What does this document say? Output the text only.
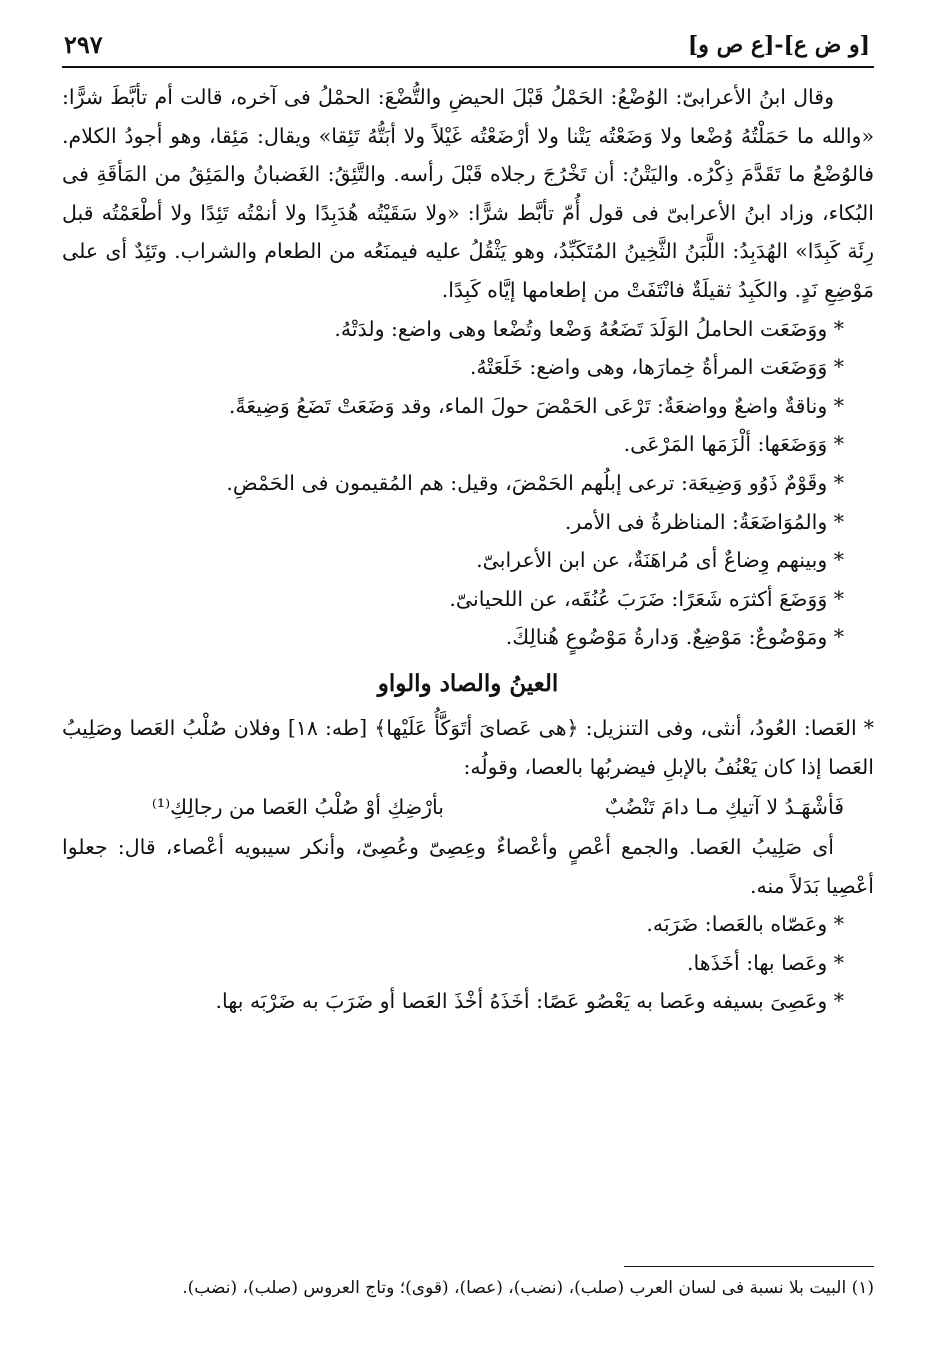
٢٩٧	[و ض ع]-[ع ص و]

وقال ابنُ الأعرابىّ: الوُضْعُ: الحَمْلُ قَبْلَ الحيضِ والتُّضْعَ: الحمْلُ فى آخره، قالت أم تأبَّطَ شرًّا: «والله ما حَمَلْتُهُ وُضْعا ولا وَضَعْتُه يَتْنا ولا أرْضَعْتُه غَيْلاً ولا أبَتُّهُ تَئِقا» ويقال: مَئِقا، وهو أجودُ الكلام. فالوُضْعُ ما تَقَدَّمَ ذِكْرُه. واليَتْنُ: أن تَخْرُجَ رجلاه قَبْلَ رأسه. والتَّئِقُ: الغَضبانُ والمَئِقُ من المَأقَةِ فى البُكاء، وزاد ابنُ الأعرابىّ فى قول أُمّ تأبَّط شرًّا: «ولا سَقَيْتُه هُدَبِدًا ولا أنمْتُه تَئِدًا ولا أطْعَمْتُه قبل رِئَة كَبِدًا» الهُدَبِدُ: اللَّبَنُ الثَّخِينُ المُتَكَبِّدُ، وهو يَثْقُلُ عليه فيمنَعُه من الطعام والشراب. وتَئِدٌ أى على مَوْضِعِ نَدٍ. والكَبِدُ ثقيلَةٌ فانْتَفَتْ من إطعامها إيَّاه كَبِدًا.

* ووَضَعَت الحاملُ الوَلَدَ تَضَعُهُ وَضْعا وتُضْعا وهى واضع: ولدَتْهُ.

* وَوَضَعَت المرأةُ خِمارَها، وهى واضع: خَلَعَتْهُ.

* وناقةٌ واضعٌ وواضعَةٌ: تَرْعَى الحَمْضَ حولَ الماء، وقد وَضَعَتْ تَضَعُ وَضِيعَةً.

* وَوَضَعَها: ألْزَمَها المَرْعَى.

* وقَوْمٌ ذَوُو وَضِيعَة: ترعى إبلُهم الحَمْضَ، وقيل: هم المُقيمون فى الحَمْضِ.

* والمُوَاضَعَةُ: المناظرةُ فى الأمر.

* وبينهم وِضاعٌ أى مُراهَنَةٌ، عن ابن الأعرابىّ.

* وَوَضَعَ أكثرَه شَعَرًا: ضَرَبَ عُنُقَه، عن اللحيانىّ.

* ومَوْضُوعٌ: مَوْضِعٌ. وَدارةُ مَوْضُوعٍ هُنالِكَ.

العينُ والصاد والواو

* العَصا: العُودُ، أنثى، وفى التنزيل: ﴿هى عَصاىَ أتَوَكَّأُ عَلَيْها﴾ [طه: ١٨] وفلان صُلْبُ العَصا وصَلِيبُ العَصا إذا كان يَعْنُفُ بالإبلِ فيضربُها بالعصا، وقولُه:

فَأشْهَـدُ لا آتيكِ مـا دامَ تَنْضُبٌبأرْضِكِ أوْ صُلْبُ العَصا من رجالِكِ⁽¹⁾

أى صَلِيبُ العَصا. والجمع أعْصٍ وأعْصاءٌ وعِصِىّ وعُصِىّ، وأنكر سيبويه أعْصاء، قال: جعلوا أعْصِيا بَدَلاً منه.

* وعَصّاه بالعَصا: ضَرَبَه.

* وعَصا بها: أخَذَها.

* وعَصِىَ بسيفه وعَصا به يَعْصُو عَصًا: أخَذَهُ أخْذَ العَصا أو ضَرَبَ به ضَرْبَه بها.

(١) البيت بلا نسبة فى لسان العرب (صلب)، (نضب)، (عصا)، (قوى)؛ وتاج العروس (صلب)، (نضب).
